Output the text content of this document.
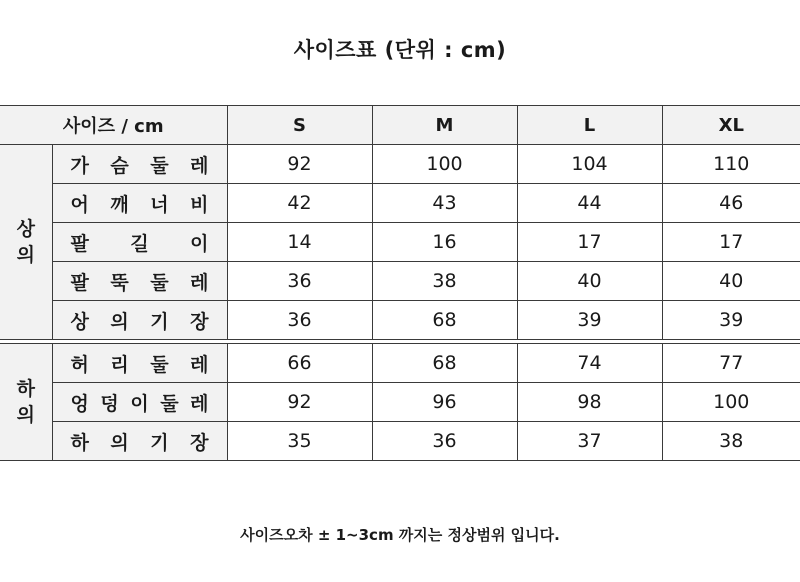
사이즈표 (단위 : cm)
사이즈 / cm		S	M	L	XL
상
의	가 슴 둘 레	92	100	104	110
	어 깨 너 비	42	43	44	46
	팔 길 이	14	16	17	17
	팔 뚝 둘 레	36	38	40	40
	상 의 기 장	36	68	39	39

하
의	허 리 둘 레	66	68	74	77
	엉 덩 이 둘 레	92	96	98	100
	하 의 기 장	35	36	37	38
사이즈오차 ± 1~3cm 까지는 정상범위 입니다.
